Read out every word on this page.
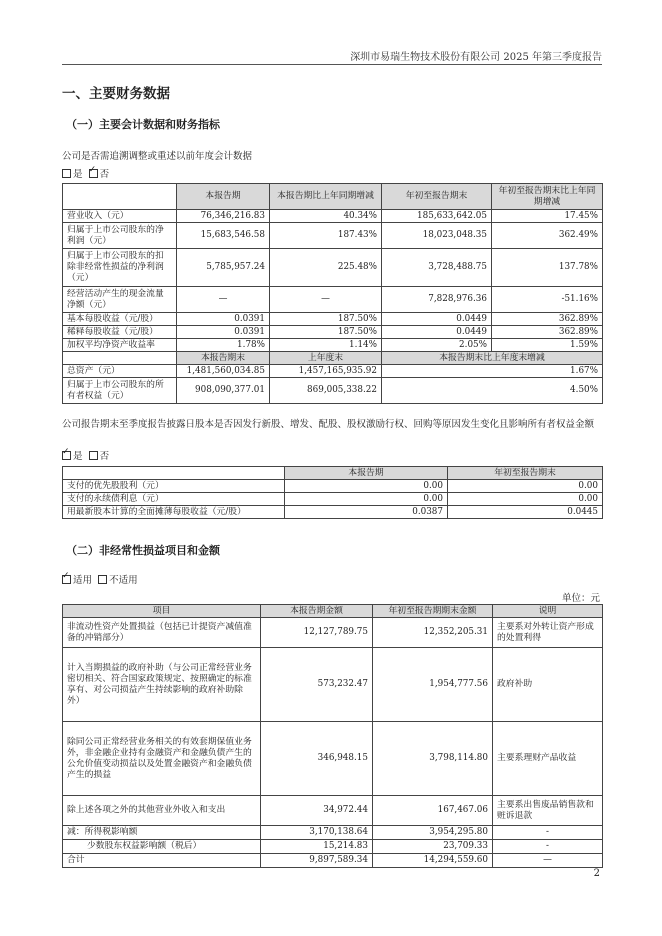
深圳市易瑞生物技术股份有限公司 2025 年第三季度报告
一、主要财务数据
（一）主要会计数据和财务指标
公司是否需追溯调整或重述以前年度会计数据
是 ✓ 否
	本报告期	本报告期比上年同期增减	年初至报告期末	年初至报告期末比上年同期增减
营业收入（元）	76,346,216.83	40.34%	185,633,642.05	17.45%
归属于上市公司股东的净利润（元）	15,683,546.58	187.43%	18,023,048.35	362.49%
归属于上市公司股东的扣除非经常性损益的净利润（元）	5,785,957.24	225.48%	3,728,488.75	137.78%
经营活动产生的现金流量净额（元）	—	—	7,828,976.36	-51.16%
基本每股收益（元/股）	0.0391	187.50%	0.0449	362.89%
稀释每股收益（元/股）	0.0391	187.50%	0.0449	362.89%
加权平均净资产收益率	1.78%	1.14%	2.05%	1.59%
	本报告期末	上年度末	本报告期末比上年度末增减	
总资产（元）	1,481,560,034.85	1,457,165,935.92	1.67%	
归属于上市公司股东的所有者权益（元）	908,090,377.01	869,005,338.22	4.50%	
公司报告期末至季度报告披露日股本是否因发行新股、增发、配股、股权激励行权、回购等原因发生变化且影响所有者权益金额
✓是 否
	本报告期	年初至报告期末
支付的优先股股利（元）	0.00	0.00
支付的永续债利息（元）	0.00	0.00
用最新股本计算的全面摊薄每股收益（元/股）	0.0387	0.0445
（二）非经常性损益项目和金额
✓适用 不适用
单位：元
项目	本报告期金额	年初至报告期期末金额	说明
非流动性资产处置损益（包括已计提资产减值准备的冲销部分）	12,127,789.75	12,352,205.31	主要系对外转让资产形成的处置利得
计入当期损益的政府补助（与公司正常经营业务密切相关、符合国家政策规定、按照确定的标准享有、对公司损益产生持续影响的政府补助除外）	573,232.47	1,954,777.56	政府补助
除同公司正常经营业务相关的有效套期保值业务外，非金融企业持有金融资产和金融负债产生的公允价值变动损益以及处置金融资产和金融负债产生的损益	346,948.15	3,798,114.80	主要系理财产品收益
除上述各项之外的其他营业外收入和支出	34,972.44	167,467.06	主要系出售废品销售款和赃诉退款
减：所得税影响额	3,170,138.64	3,954,295.80	-
少数股东权益影响额（税后）	15,214.83	23,709.33	-
合计	9,897,589.34	14,294,559.60	—
2
